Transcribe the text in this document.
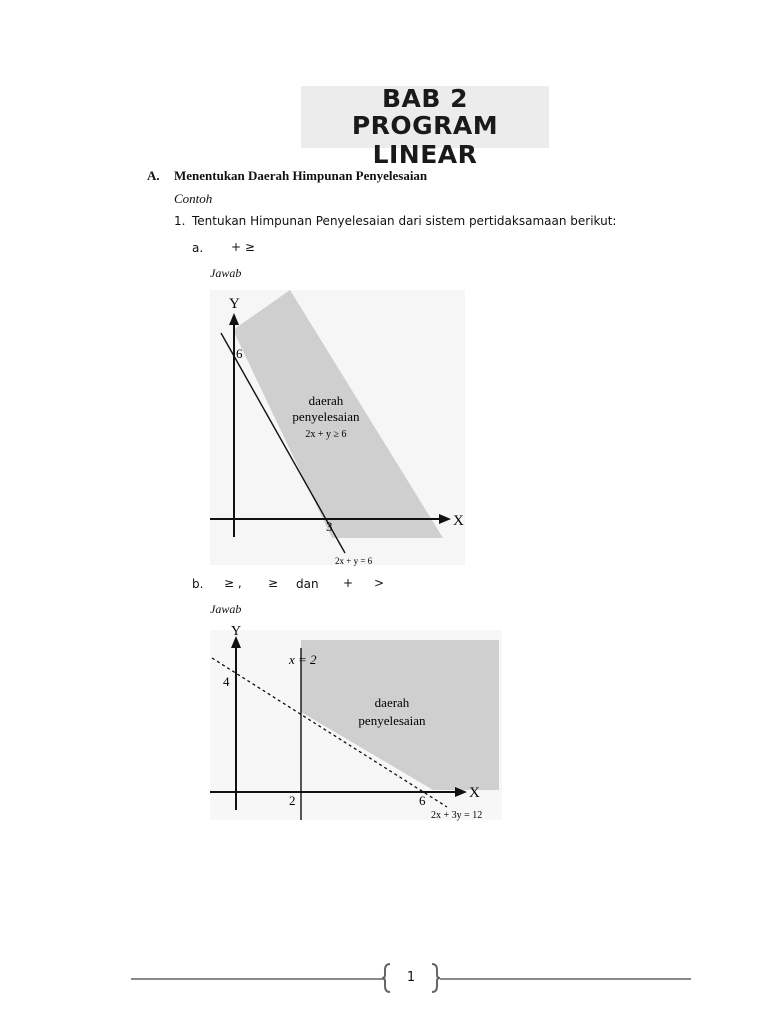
BAB 2
PROGRAM LINEAR
A. Menentukan Daerah Himpunan Penyelesaian
Contoh
1. Tentukan Himpunan Penyelesaian dari sistem pertidaksamaan berikut:
a. + ≥
Jawab
Y
X
6
3
daerah
penyelesaian
2x + y ≥ 6
2x + y = 6
b. ≥ , ≥ dan + >
Jawab
Y
X
x = 2
4
2	6
daerah
penyelesaian
2x + 3y = 12
1
